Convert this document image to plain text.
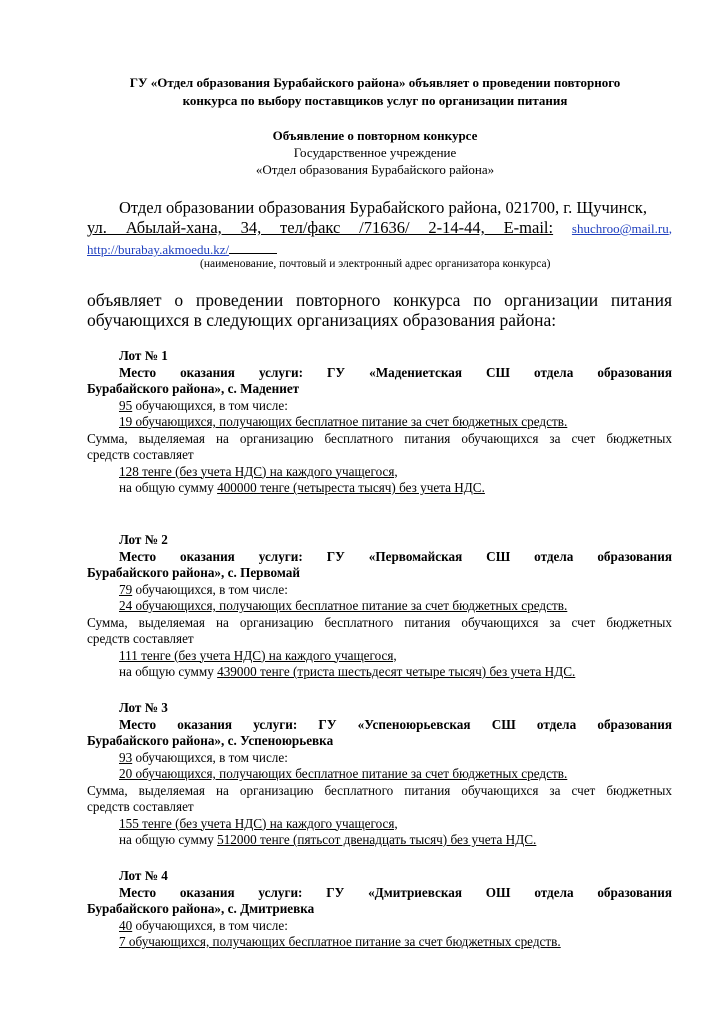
ГУ «Отдел образования Бурабайского района» объявляет о проведении повторного
конкурса по выбору поставщиков услуг по организации питания
Объявление о повторном конкурсе
Государственное учреждение
«Отдел образования Бурабайского района»
Отдел образовании образования Бурабайского района, 021700, г. Щучинск,
ул. Абылай-хана, 34, тел/факс /71636/ 2-14-44, E-mail: shuchroo@mail.ru,
http://burabay.akmoedu.kz/
(наименование, почтовый и электронный адрес организатора конкурса)
объявляет о проведении повторного конкурса по организации питания
обучающихся в следующих организациях образования района:
Лот № 1
Место оказания услуги: ГУ «Мадениетская СШ отдела образования
Бурабайского района», с. Мадениет
95 обучающихся, в том числе:
19 обучающихся, получающих бесплатное питание за счет бюджетных средств.
Сумма, выделяемая на организацию бесплатного питания обучающихся за счет бюджетных
средств составляет
128 тенге (без учета НДС) на каждого учащегося,
на общую сумму 400000 тенге (четыреста тысяч) без учета НДС.
Лот № 2
Место оказания услуги: ГУ «Первомайская СШ отдела образования
Бурабайского района», с. Первомай
79 обучающихся, в том числе:
24 обучающихся, получающих бесплатное питание за счет бюджетных средств.
Сумма, выделяемая на организацию бесплатного питания обучающихся за счет бюджетных
средств составляет
111 тенге (без учета НДС) на каждого учащегося,
на общую сумму 439000 тенге (триста шестьдесят четыре тысяч) без учета НДС.
Лот № 3
Место оказания услуги: ГУ «Успеноюрьевская СШ отдела образования
Бурабайского района», с. Успеноюрьевка
93 обучающихся, в том числе:
20 обучающихся, получающих бесплатное питание за счет бюджетных средств.
Сумма, выделяемая на организацию бесплатного питания обучающихся за счет бюджетных
средств составляет
155 тенге (без учета НДС) на каждого учащегося,
на общую сумму 512000 тенге (пятьсот двенадцать тысяч) без учета НДС.
Лот № 4
Место оказания услуги: ГУ «Дмитриевская ОШ отдела образования
Бурабайского района», с. Дмитриевка
40 обучающихся, в том числе:
7 обучающихся, получающих бесплатное питание за счет бюджетных средств.
